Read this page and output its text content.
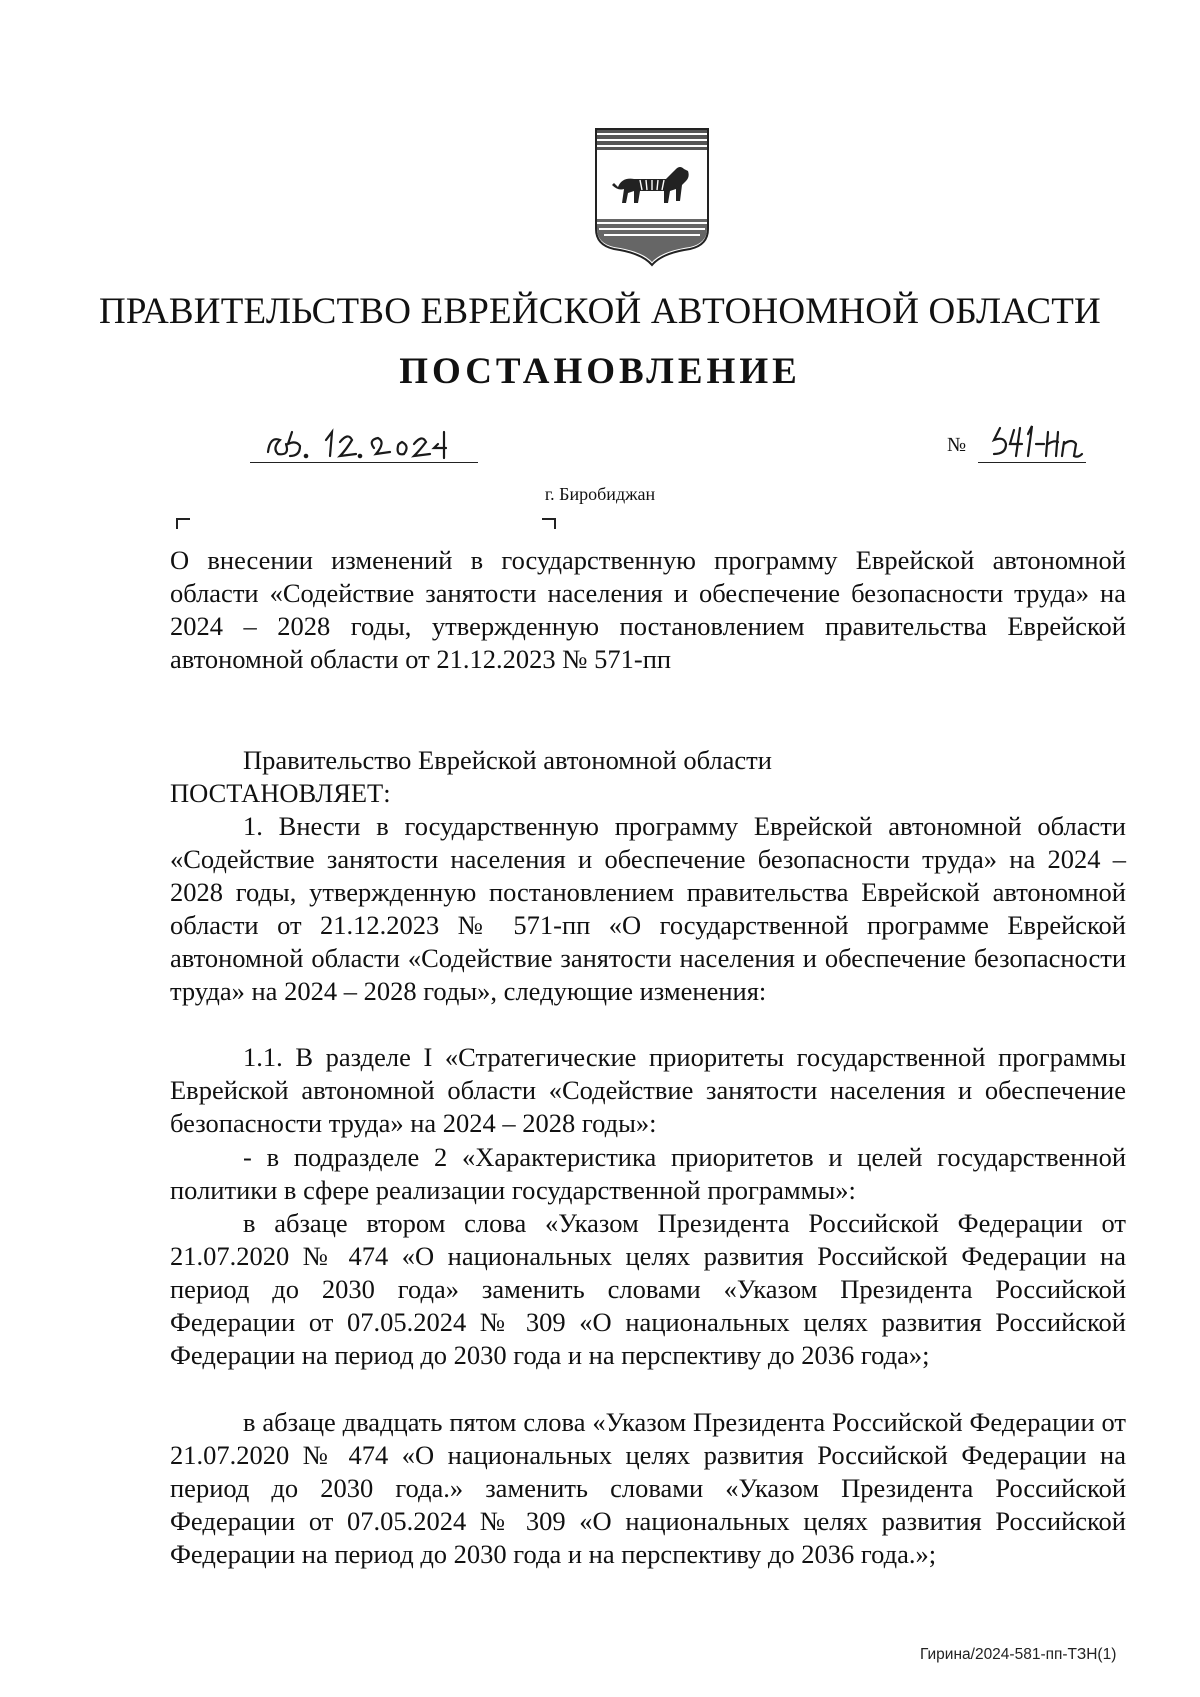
ПРАВИТЕЛЬСТВО ЕВРЕЙСКОЙ АВТОНОМНОЙ ОБЛАСТИ
ПОСТАНОВЛЕНИЕ
№
г. Биробиджан

О внесении изменений в государственную программу Еврейской автономной области «Содействие занятости населения и обеспечение безопасности труда» на 2024 – 2028 годы, утвержденную постановлением правительства Еврейской автономной области от 21.12.2023 № 571-пп

Правительство Еврейской автономной области

ПОСТАНОВЛЯЕТ:

1. Внести в государственную программу Еврейской автономной области «Содействие занятости населения и обеспечение безопасности труда» на 2024 – 2028 годы, утвержденную постановлением правительства Еврейской автономной области от 21.12.2023 № 571-пп «О государственной программе Еврейской автономной области «Содействие занятости населения и обеспечение безопасности труда» на 2024 – 2028 годы», следующие изменения:

1.1. В разделе I «Стратегические приоритеты государственной программы Еврейской автономной области «Содействие занятости населения и обеспечение безопасности труда» на 2024 – 2028 годы»:

- в подразделе 2 «Характеристика приоритетов и целей государственной политики в сфере реализации государственной программы»:

в абзаце втором слова «Указом Президента Российской Федерации от 21.07.2020 № 474 «О национальных целях развития Российской Федерации на период до 2030 года» заменить словами «Указом Президента Российской Федерации от 07.05.2024 № 309 «О национальных целях развития Российской Федерации на период до 2030 года и на перспективу до 2036 года»;

в абзаце двадцать пятом слова «Указом Президента Российской Федерации от 21.07.2020 № 474 «О национальных целях развития Российской Федерации на период до 2030 года.» заменить словами «Указом Президента Российской Федерации от 07.05.2024 № 309 «О национальных целях развития Российской Федерации на период до 2030 года и на перспективу до 2036 года.»;

Гирина/2024-581-пп-ТЗН(1)
